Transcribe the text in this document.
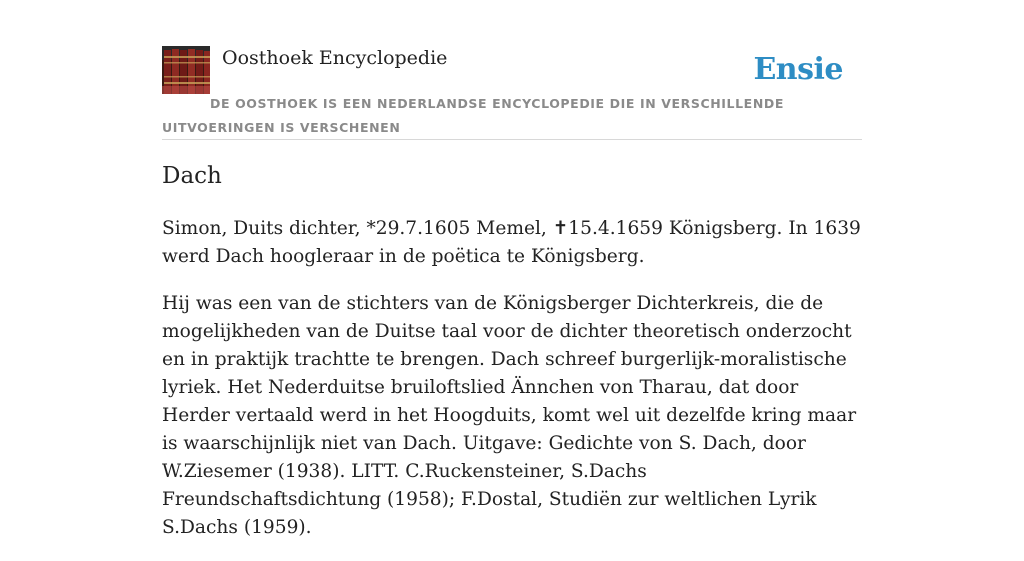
Oosthoek Encyclopedie	Ensie
DE OOSTHOEK IS EEN NEDERLANDSE ENCYCLOPEDIE DIE IN VERSCHILLENDE UITVOERINGEN IS VERSCHENEN
Dach

Simon, Duits dichter, *29.7.1605 Memel, ✝15.4.1659 Königsberg. In 1639 werd Dach hoogleraar in de poëtica te Königsberg.

Hij was een van de stichters van de Königsberger Dichterkreis, die de mogelijkheden van de Duitse taal voor de dichter theoretisch onderzocht en in praktijk trachtte te brengen. Dach schreef burgerlijk-moralistische lyriek. Het Nederduitse bruiloftslied Ännchen von Tharau, dat door Herder vertaald werd in het Hoogduits, komt wel uit dezelfde kring maar is waarschijnlijk niet van Dach. Uitgave: Gedichte von S. Dach, door W.Ziesemer (1938). LITT. C.Ruckensteiner, S.Dachs Freundschaftsdichtung (1958); F.Dostal, Studiën zur weltlichen Lyrik S.Dachs (1959).
